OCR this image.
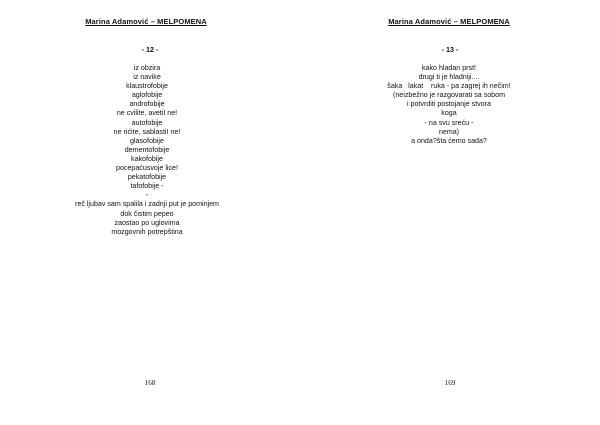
Marina Adamović – MELPOMENA
- 12 -
iz obzira
iz navike
klaustrofobije
aglofobije
androfobije
ne cvilite, avetiI ne!
autofobije
ne rićite, sablastiI ne!
glasofobije
dementofobije
kakofobije
pocepaćusvoje lice!
pekatofobije
tafofobije -
-
reč ljubav sam spalila i zadnji put je pominjem
dok čistim pepeo
zaostao po uglovima
mozgovnih potrepština
168
Marina Adamović – MELPOMENA
- 13 -
kako hladan prst!
drugi ti je hladniji....
šaka   lakat    ruka - pa zagrej ih nečim!
(neizbežno je razgovarati sa sobom
i potvrditi postojanje stvora
koga
- na svu sreću -
nema)
a onda?šta ćemo sada?
169
